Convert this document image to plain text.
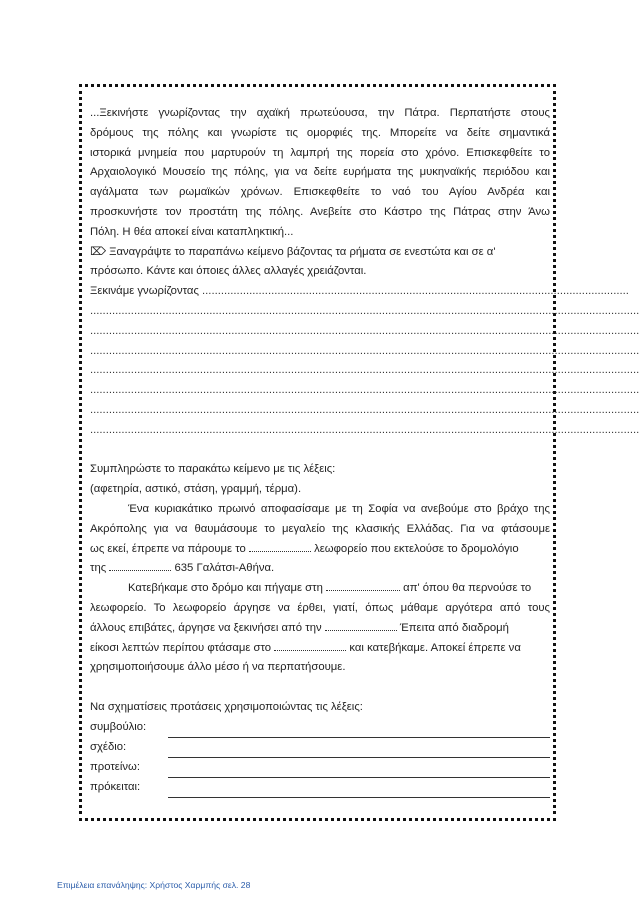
...Ξεκινήστε γνωρίζοντας την αχαϊκή πρωτεύουσα, την Πάτρα. Περπατήστε στους
δρόμους της πόλης και γνωρίστε τις ομορφιές της. Μπορείτε να δείτε σημαντικά
ιστορικά μνημεία που μαρτυρούν τη λαμπρή της πορεία στο χρόνο. Επισκεφθείτε το
Αρχαιολογικό Μουσείο της πόλης, για να δείτε ευρήματα της μυκηναϊκής περιόδου και
αγάλματα των ρωμαϊκών χρόνων. Επισκεφθείτε το ναό του Αγίου Ανδρέα και
προσκυνήστε τον προστάτη της πόλης. Ανεβείτε στο Κάστρο της Πάτρας στην Άνω
Πόλη. Η θέα αποκεί είναι καταπληκτική...
⌦ Ξαναγράψτε το παραπάνω κείμενο βάζοντας τα ρήματα σε ενεστώτα και σε α'
πρόσωπο. Κάντε και όποιες άλλες αλλαγές χρειάζονται.
Ξεκινάμε γνωρίζοντας ........................................................................................................................................
...............................................................................................................................................................................
...............................................................................................................................................................................
...............................................................................................................................................................................
...............................................................................................................................................................................
...............................................................................................................................................................................
...............................................................................................................................................................................
...............................................................................................................................................................................
Συμπληρώστε το παρακάτω κείμενο με τις λέξεις:
(αφετηρία, αστικό, στάση, γραμμή, τέρμα).
Ένα κυριακάτικο πρωινό αποφασίσαμε με τη Σοφία να ανεβούμε στο βράχο της
Ακρόπολης για να θαυμάσουμε το μεγαλείο της κλασικής Ελλάδας. Για να φτάσουμε
ως εκεί, έπρεπε να πάρουμε το	λεωφορείο που εκτελούσε το δρομολόγιο
της	635 Γαλάτσι-Αθήνα.
Κατεβήκαμε στο δρόμο και πήγαμε στη	απ' όπου θα περνούσε το
λεωφορείο. Το λεωφορείο άργησε να έρθει, γιατί, όπως μάθαμε αργότερα από τους
άλλους επιβάτες, άργησε να ξεκινήσει από την	Έπειτα από διαδρομή
είκοσι λεπτών περίπου φτάσαμε στο	και κατεβήκαμε. Αποκεί έπρεπε να
χρησιμοποιήσουμε άλλο μέσο ή να περπατήσουμε.
Να σχηματίσεις προτάσεις χρησιμοποιώντας τις λέξεις:
συμβούλιο:
σχέδιο:
προτείνω:
πρόκειται:
Επιμέλεια επανάληψης: Χρήστος Χαρμπής σελ. 28
